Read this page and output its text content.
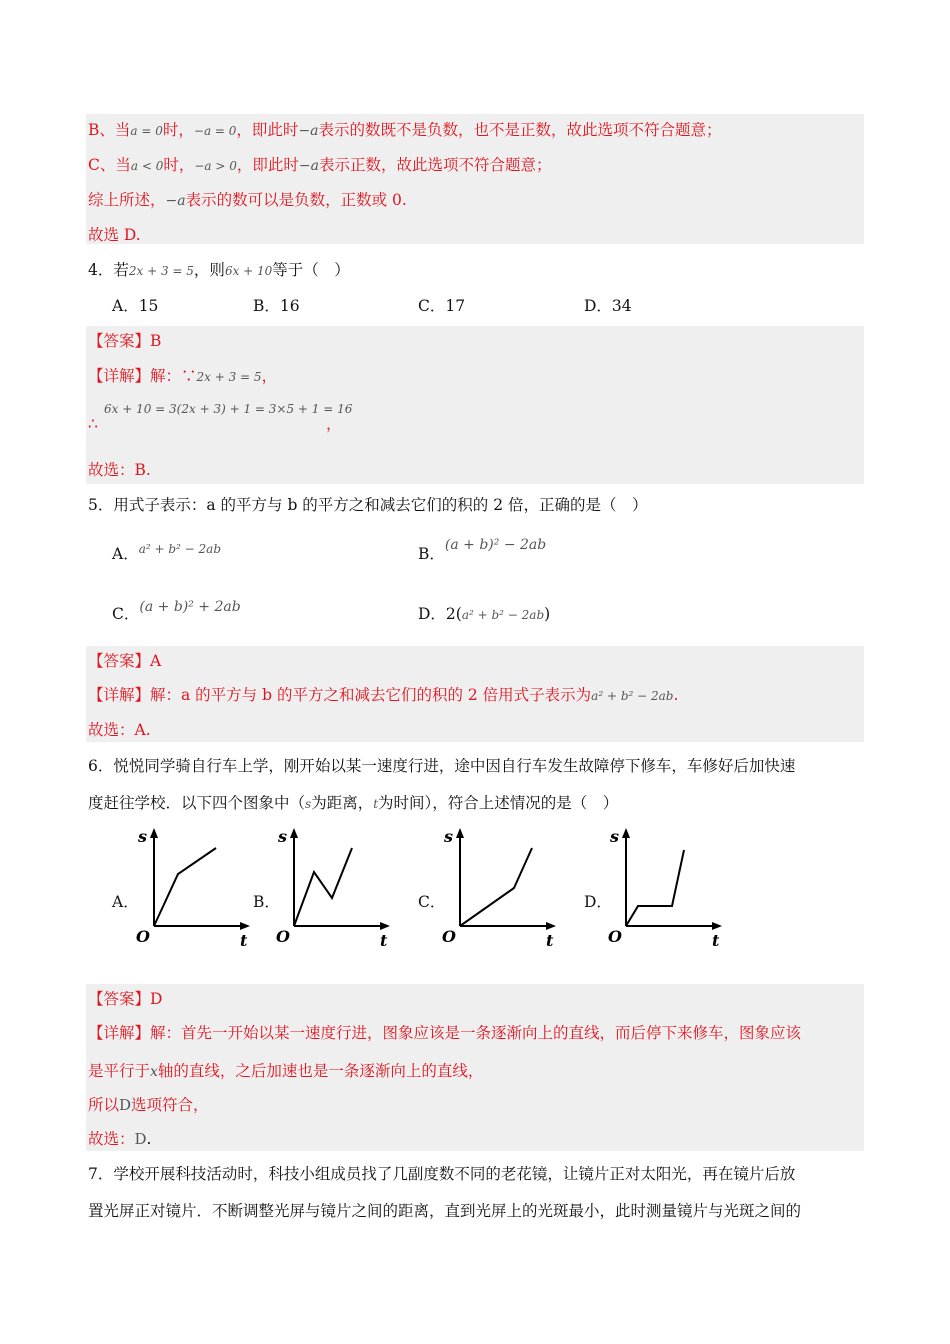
B、当a = 0时，−a = 0，即此时−a表示的数既不是负数，也不是正数，故此选项不符合题意；
C、当a < 0时，−a > 0，即此时−a表示正数，故此选项不符合题意；
综上所述，−a表示的数可以是负数，正数或 0.
故选 D.
4．若2x + 3 = 5，则6x + 10等于（　）
A．15	B．16	C．17	D．34
【答案】B
【详解】解：∵2x + 3 = 5，
∴
6x + 10 = 3(2x + 3) + 1 = 3×5 + 1 = 16
，
故选：B.
5．用式子表示：a 的平方与 b 的平方之和减去它们的积的 2 倍，正确的是（　）
A．$^{a^2 + b^2 - 2ab}$	B．(a + b)² − 2ab
C．(a + b)² + 2ab	D．2(a² + b² − 2ab)
【答案】A
【详解】解：a 的平方与 b 的平方之和减去它们的积的 2 倍用式子表示为a² + b² − 2ab.
故选：A.
6．悦悦同学骑自行车上学，刚开始以某一速度行进，途中因自行车发生故障停下修车，车修好后加快速
度赶往学校．以下四个图象中（s为距离，t为时间），符合上述情况的是（　）
A．	B．	C．	D．
s
t
O
s
t
O
s
t
O
s
t
O
【答案】D
【详解】解：首先一开始以某一速度行进，图象应该是一条逐渐向上的直线，而后停下来修车，图象应该
是平行于x轴的直线，之后加速也是一条逐渐向上的直线，
所以D选项符合，
故选：D.
7．学校开展科技活动时，科技小组成员找了几副度数不同的老花镜，让镜片正对太阳光，再在镜片后放
置光屏正对镜片．不断调整光屏与镜片之间的距离，直到光屏上的光斑最小，此时测量镜片与光斑之间的
